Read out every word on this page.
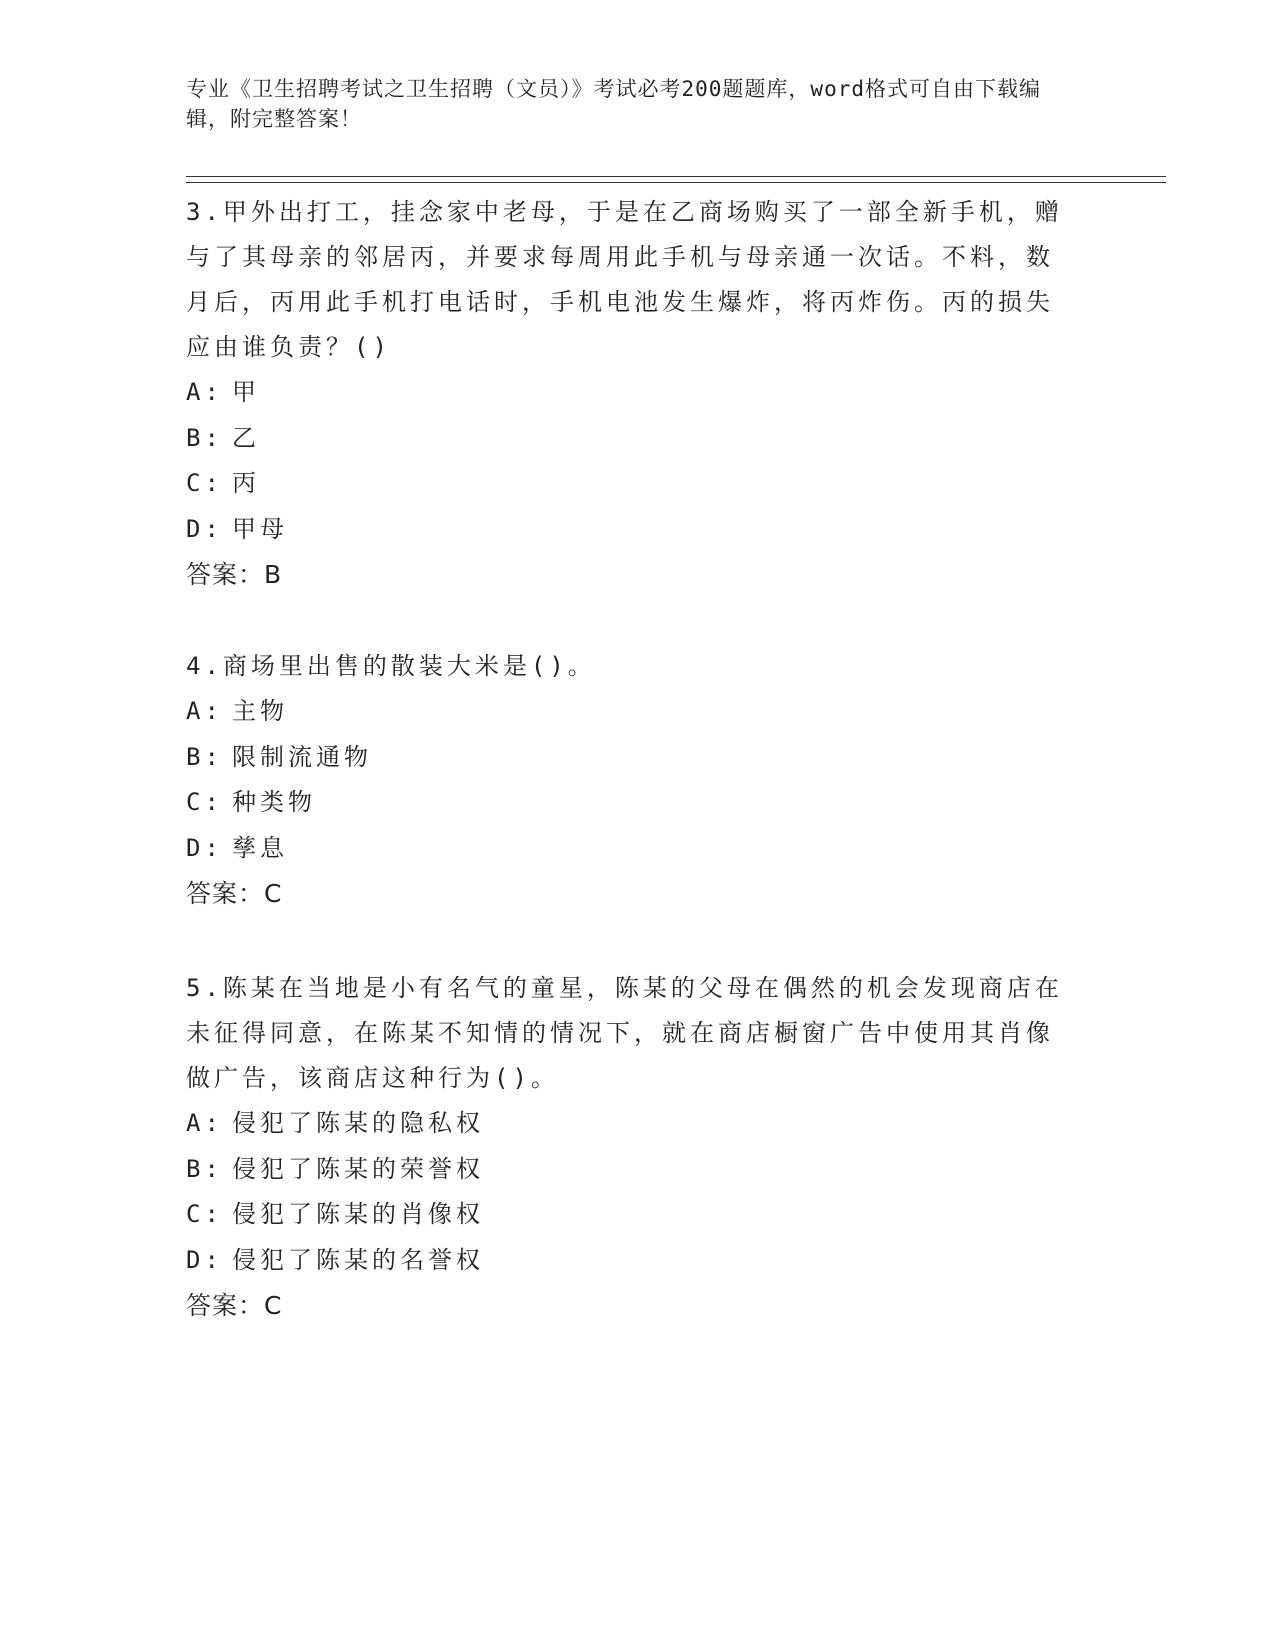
专业《卫生招聘考试之卫生招聘（文员）》考试必考200题题库，word格式可自由下载编辑，附完整答案！

3.甲外出打工，挂念家中老母，于是在乙商场购买了一部全新手机，赠与了其母亲的邻居丙，并要求每周用此手机与母亲通一次话。不料，数月后，丙用此手机打电话时，手机电池发生爆炸，将丙炸伤。丙的损失应由谁负责？()

A: 甲
B: 乙
C: 丙
D: 甲母

答案：B

4.商场里出售的散装大米是()。

A: 主物
B: 限制流通物
C: 种类物
D: 孳息

答案：C

5.陈某在当地是小有名气的童星，陈某的父母在偶然的机会发现商店在未征得同意，在陈某不知情的情况下，就在商店橱窗广告中使用其肖像做广告，该商店这种行为()。

A: 侵犯了陈某的隐私权
B: 侵犯了陈某的荣誉权
C: 侵犯了陈某的肖像权
D: 侵犯了陈某的名誉权

答案：C
